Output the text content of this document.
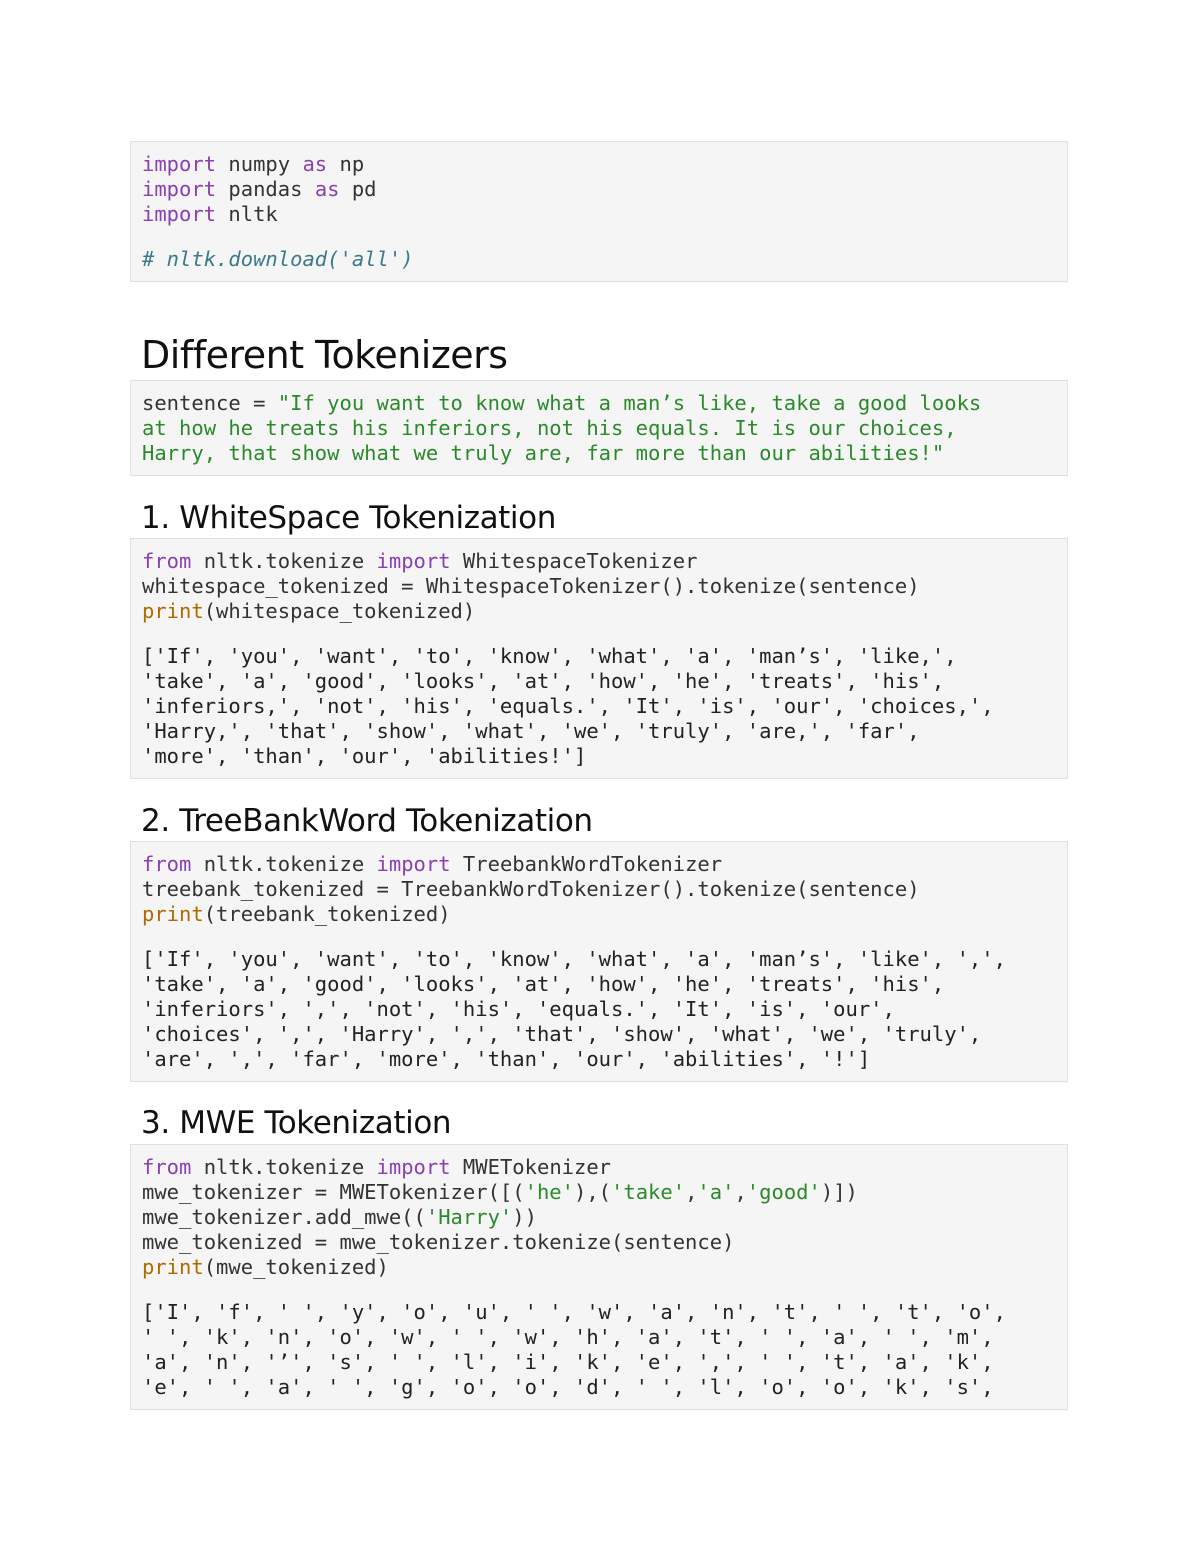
import numpy as np
import pandas as pd
import nltk

# nltk.download('all')
Different Tokenizers
sentence = "If you want to know what a man’s like, take a good looks
at how he treats his inferiors, not his equals. It is our choices,
Harry, that show what we truly are, far more than our abilities!"
1. WhiteSpace Tokenization
from nltk.tokenize import WhitespaceTokenizer
whitespace_tokenized = WhitespaceTokenizer().tokenize(sentence)
print(whitespace_tokenized)
['If', 'you', 'want', 'to', 'know', 'what', 'a', 'man’s', 'like,',
'take', 'a', 'good', 'looks', 'at', 'how', 'he', 'treats', 'his',
'inferiors,', 'not', 'his', 'equals.', 'It', 'is', 'our', 'choices,',
'Harry,', 'that', 'show', 'what', 'we', 'truly', 'are,', 'far',
'more', 'than', 'our', 'abilities!']
2. TreeBankWord Tokenization
from nltk.tokenize import TreebankWordTokenizer
treebank_tokenized = TreebankWordTokenizer().tokenize(sentence)
print(treebank_tokenized)
['If', 'you', 'want', 'to', 'know', 'what', 'a', 'man’s', 'like', ',',
'take', 'a', 'good', 'looks', 'at', 'how', 'he', 'treats', 'his',
'inferiors', ',', 'not', 'his', 'equals.', 'It', 'is', 'our',
'choices', ',', 'Harry', ',', 'that', 'show', 'what', 'we', 'truly',
'are', ',', 'far', 'more', 'than', 'our', 'abilities', '!']
3. MWE Tokenization
from nltk.tokenize import MWETokenizer
mwe_tokenizer = MWETokenizer([('he'),('take','a','good')])
mwe_tokenizer.add_mwe(('Harry'))
mwe_tokenized = mwe_tokenizer.tokenize(sentence)
print(mwe_tokenized)
['I', 'f', ' ', 'y', 'o', 'u', ' ', 'w', 'a', 'n', 't', ' ', 't', 'o',
' ', 'k', 'n', 'o', 'w', ' ', 'w', 'h', 'a', 't', ' ', 'a', ' ', 'm',
'a', 'n', '’', 's', ' ', 'l', 'i', 'k', 'e', ',', ' ', 't', 'a', 'k',
'e', ' ', 'a', ' ', 'g', 'o', 'o', 'd', ' ', 'l', 'o', 'o', 'k', 's',
